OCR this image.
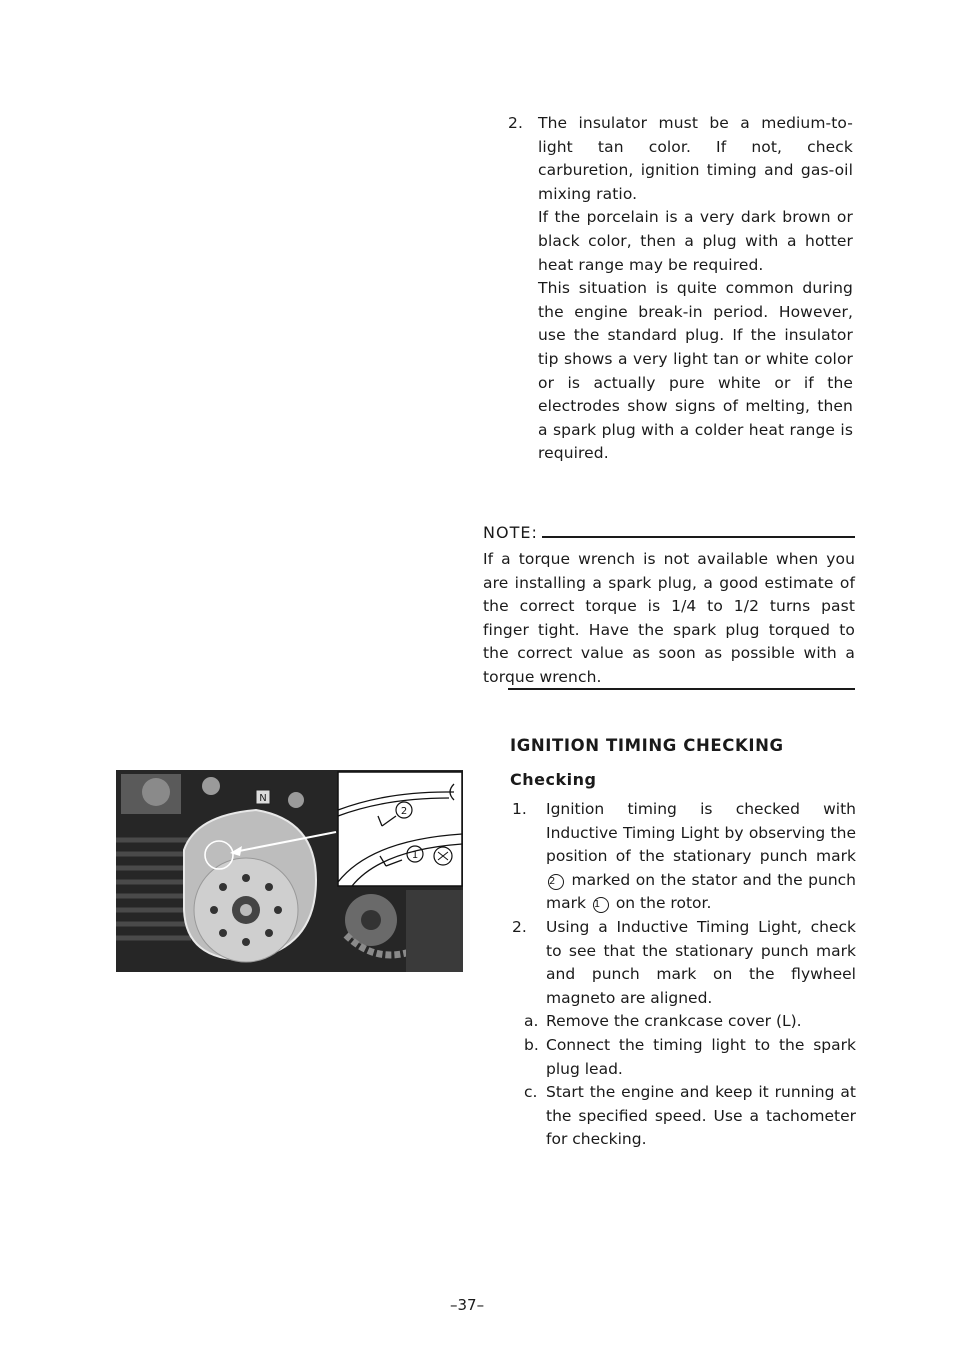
2. The insulator must be a medium-to-light tan color. If not, check carburetion, ignition timing and gas-oil mixing ratio.

If the porcelain is a very dark brown or black color, then a plug with a hotter heat range may be required.

This situation is quite common during the engine break-in period. However, use the standard plug. If the insulator tip shows a very light tan or white color or is actually pure white or if the electrodes show signs of melting, then a spark plug with a colder heat range is required.

NOTE:

If a torque wrench is not available when you are installing a spark plug, a good estimate of the correct torque is 1/4 to 1/2 turns past finger tight. Have the spark plug torqued to the correct value as soon as possible with a torque wrench.

IGNITION TIMING CHECKING
Checking
1. Ignition timing is checked with Inductive Timing Light by observing the position of the stationary punch mark 2 marked on the stator and the punch mark 1 on the rotor.
2. Using a Inductive Timing Light, check to see that the stationary punch mark and punch mark on the flywheel magneto are aligned.
a. Remove the crankcase cover (L).
b. Connect the timing light to the spark plug lead.
c. Start the engine and keep it running at the specified speed. Use a tachometer for checking.
N
2
1
–37–
